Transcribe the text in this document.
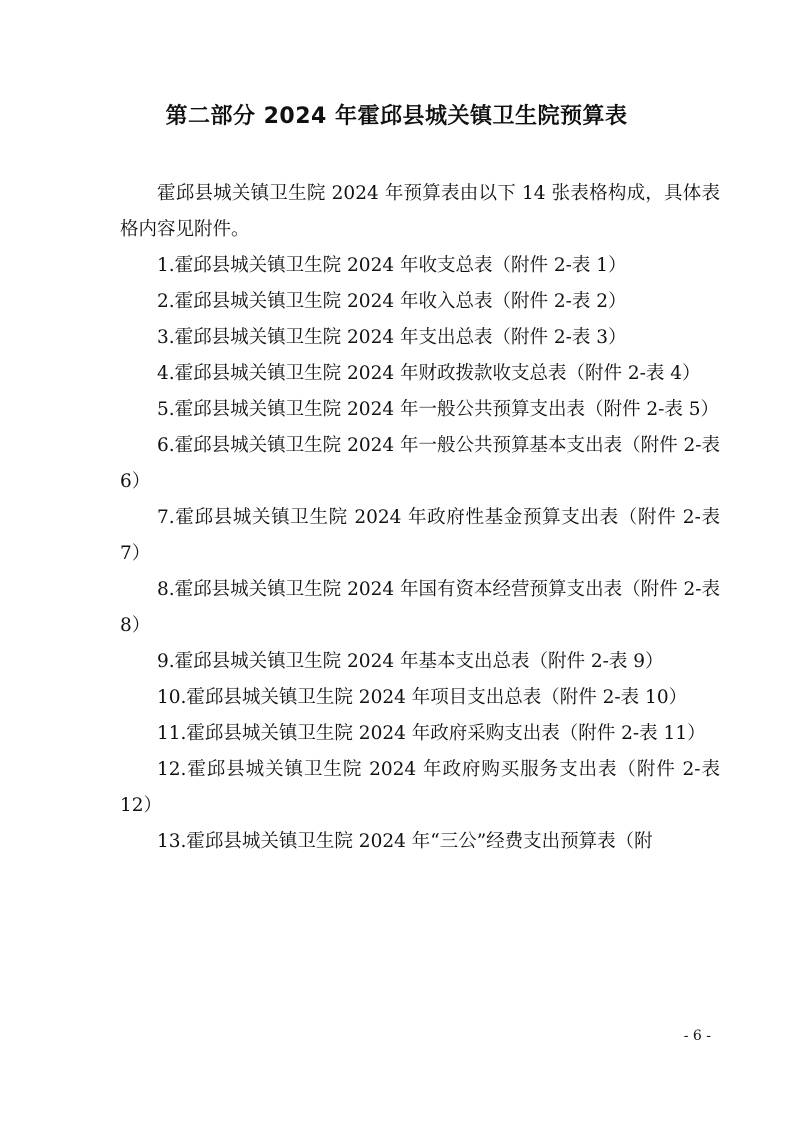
第二部分 2024 年霍邱县城关镇卫生院预算表

霍邱县城关镇卫生院 2024 年预算表由以下 14 张表格构成，具体表格内容见附件。

1.霍邱县城关镇卫生院 2024 年收支总表（附件 2-表 1）

2.霍邱县城关镇卫生院 2024 年收入总表（附件 2-表 2）

3.霍邱县城关镇卫生院 2024 年支出总表（附件 2-表 3）

4.霍邱县城关镇卫生院 2024 年财政拨款收支总表（附件 2-表 4）

5.霍邱县城关镇卫生院 2024 年一般公共预算支出表（附件 2-表 5）

6.霍邱县城关镇卫生院 2024 年一般公共预算基本支出表（附件 2-表 6）

7.霍邱县城关镇卫生院 2024 年政府性基金预算支出表（附件 2-表 7）

8.霍邱县城关镇卫生院 2024 年国有资本经营预算支出表（附件 2-表 8）

9.霍邱县城关镇卫生院 2024 年基本支出总表（附件 2-表 9）

10.霍邱县城关镇卫生院 2024 年项目支出总表（附件 2-表 10）

11.霍邱县城关镇卫生院 2024 年政府采购支出表（附件 2-表 11）

12.霍邱县城关镇卫生院 2024 年政府购买服务支出表（附件 2-表 12）

13.霍邱县城关镇卫生院 2024 年“三公”经费支出预算表（附

- 6 -
